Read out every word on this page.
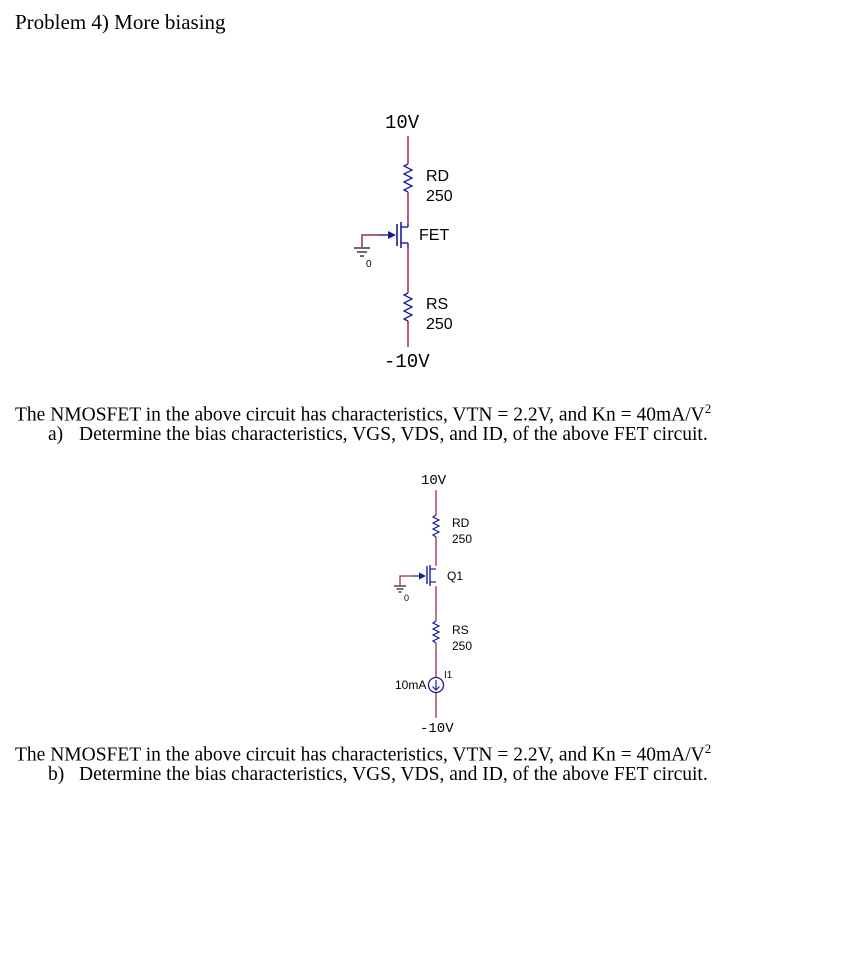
Problem 4) More biasing
10V
RD
250
FET
0
RS
250
-10V
10V
RD
250
Q1
0
RS
250
I1
10mA
-10V
The NMOSFET in the above circuit has characteristics, VTN = 2.2V, and $Kn = 40mA/V^2$
a) Determine the bias characteristics, VGS, VDS, and ID, of the above FET circuit.
The NMOSFET in the above circuit has characteristics, VTN = 2.2V, and $Kn = 40mA/V^2$
b) Determine the bias characteristics, VGS, VDS, and ID, of the above FET circuit.
